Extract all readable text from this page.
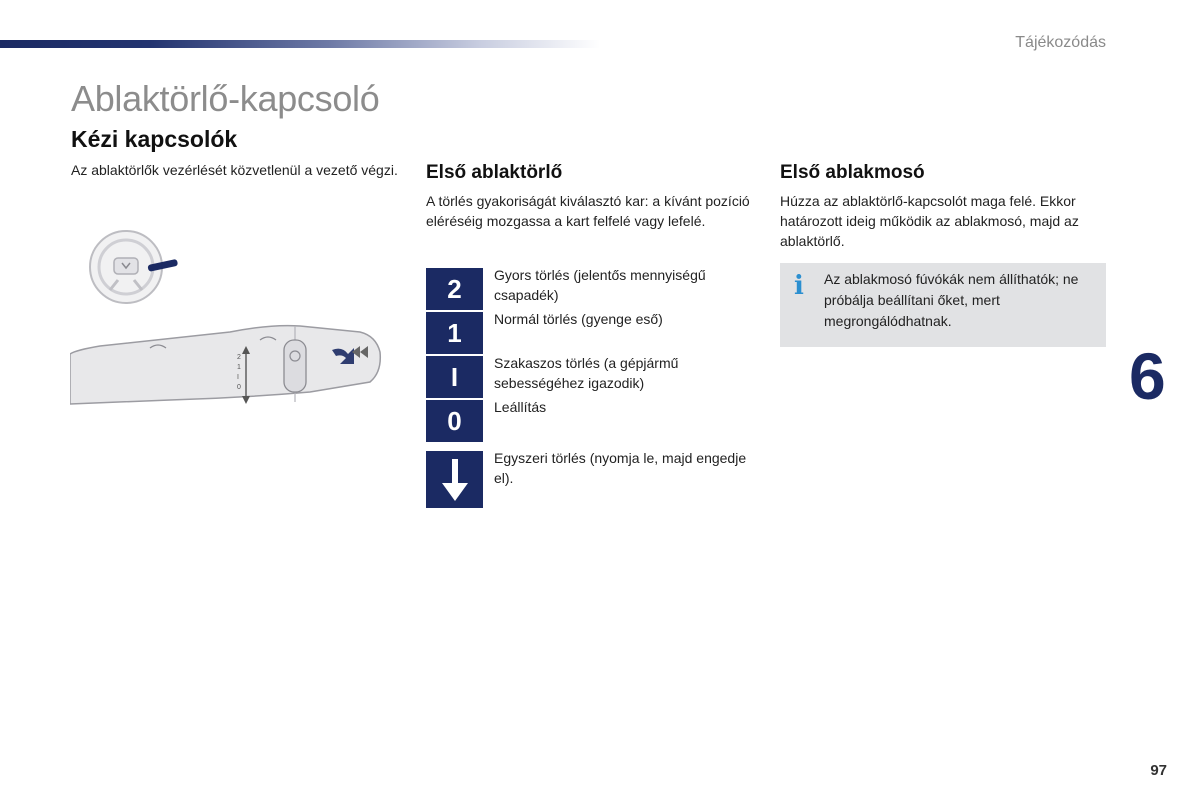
Tájékozódás
Ablaktörlő-kapcsoló
Kézi kapcsolók
Az ablaktörlők vezérlését közvetlenül a vezető végzi.
2
1
I
0
Első ablaktörlő
A törlés gyakoriságát kiválasztó kar: a kívánt pozíció eléréséig mozgassa a kart felfelé vagy lefelé.
2	Gyors törlés (jelentős mennyiségű csapadék)
1	Normál törlés (gyenge eső)
I	Szakaszos törlés (a gépjármű sebességéhez igazodik)
0	Leállítás
Egyszeri törlés (nyomja le, majd engedje el).
Első ablakmosó
Húzza az ablaktörlő-kapcsolót maga felé. Ekkor határozott ideig működik az ablakmosó, majd az ablaktörlő.
i Az ablakmosó fúvókák nem állíthatók; ne próbálja beállítani őket, mert megrongálódhatnak.
6
97
